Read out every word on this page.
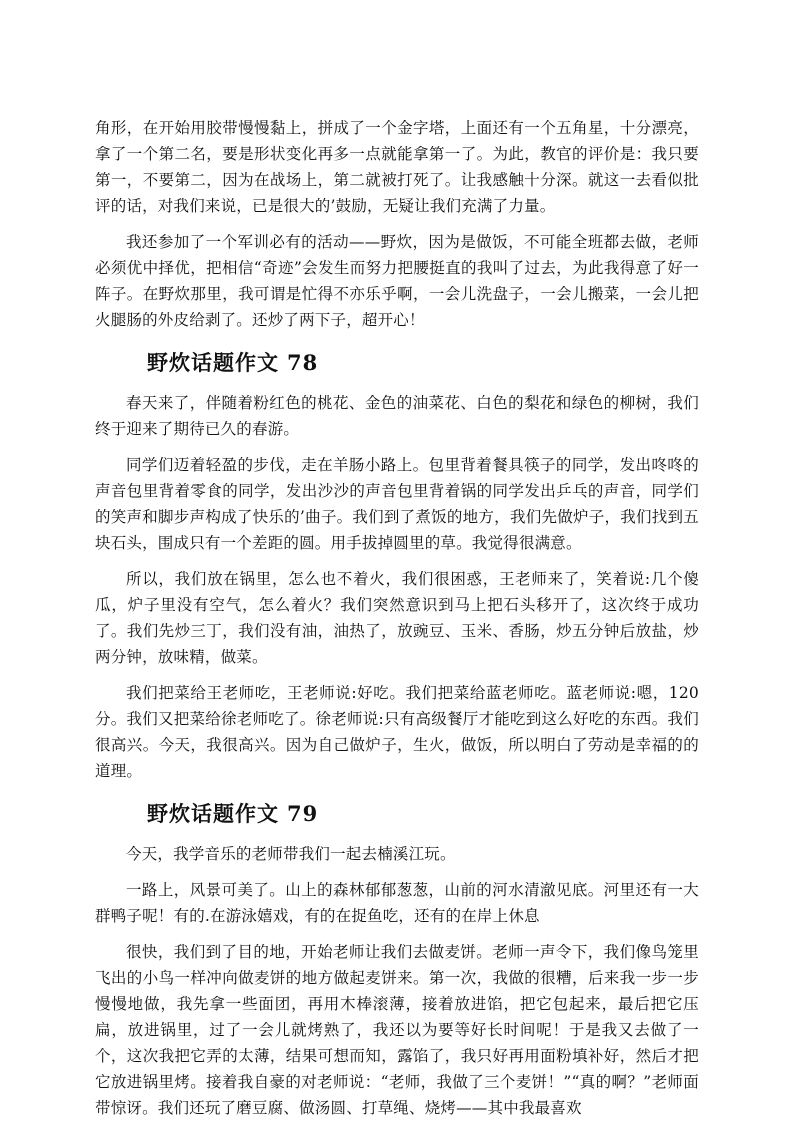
角形，在开始用胶带慢慢黏上，拼成了一个金字塔，上面还有一个五角星，十分漂亮，拿了一个第二名，要是形状变化再多一点就能拿第一了。为此，教官的评价是：我只要第一，不要第二，因为在战场上，第二就被打死了。让我感触十分深。就这一去看似批评的话，对我们来说，已是很大的’鼓励，无疑让我们充满了力量。

我还参加了一个军训必有的活动——野炊，因为是做饭，不可能全班都去做，老师必须优中择优，把相信“奇迹”会发生而努力把腰挺直的我叫了过去，为此我得意了好一阵子。在野炊那里，我可谓是忙得不亦乐乎啊，一会儿洗盘子，一会儿搬菜，一会儿把火腿肠的外皮给剥了。还炒了两下子，超开心！

野炊话题作文 78

春天来了，伴随着粉红色的桃花、金色的油菜花、白色的梨花和绿色的柳树，我们终于迎来了期待已久的春游。

同学们迈着轻盈的步伐，走在羊肠小路上。包里背着餐具筷子的同学，发出咚咚的声音包里背着零食的同学，发出沙沙的声音包里背着锅的同学发出乒乓的声音，同学们的笑声和脚步声构成了快乐的’曲子。我们到了煮饭的地方，我们先做炉子，我们找到五块石头，围成只有一个差距的圆。用手拔掉圆里的草。我觉得很满意。

所以，我们放在锅里，怎么也不着火，我们很困惑，王老师来了，笑着说:几个傻瓜，炉子里没有空气，怎么着火？我们突然意识到马上把石头移开了，这次终于成功了。我们先炒三丁，我们没有油，油热了，放豌豆、玉米、香肠，炒五分钟后放盐，炒两分钟，放味精，做菜。

我们把菜给王老师吃，王老师说:好吃。我们把菜给蓝老师吃。蓝老师说:嗯，120分。我们又把菜给徐老师吃了。徐老师说:只有高级餐厅才能吃到这么好吃的东西。我们很高兴。今天，我很高兴。因为自己做炉子，生火，做饭，所以明白了劳动是幸福的的道理。

野炊话题作文 79

今天，我学音乐的老师带我们一起去楠溪江玩。

一路上，风景可美了。山上的森林郁郁葱葱，山前的河水清澈见底。河里还有一大群鸭子呢！有的.在游泳嬉戏，有的在捉鱼吃，还有的在岸上休息

很快，我们到了目的地，开始老师让我们去做麦饼。老师一声令下，我们像鸟笼里飞出的小鸟一样冲向做麦饼的地方做起麦饼来。第一次，我做的很糟，后来我一步一步慢慢地做，我先拿一些面团，再用木棒滚薄，接着放进馅，把它包起来，最后把它压扁，放进锅里，过了一会儿就烤熟了，我还以为要等好长时间呢！于是我又去做了一个，这次我把它弄的太薄，结果可想而知，露馅了，我只好再用面粉填补好，然后才把它放进锅里烤。接着我自豪的对老师说：“老师，我做了三个麦饼！”“真的啊？”老师面带惊讶。我们还玩了磨豆腐、做汤圆、打草绳、烧烤——其中我最喜欢
